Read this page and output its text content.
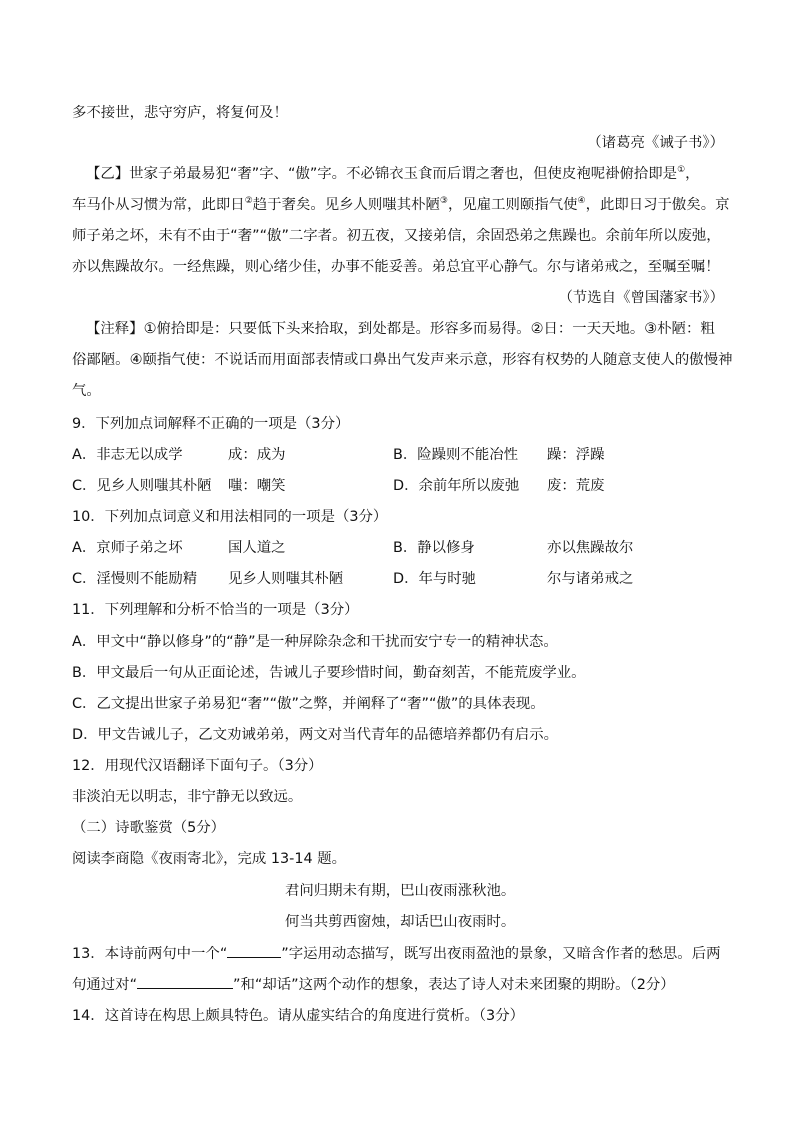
多不接世，悲守穷庐，将复何及！
（诸葛亮《诫子书》）
【乙】世家子弟最易犯“奢”字、“傲”字。不必锦衣玉食而后谓之奢也，但使皮袍呢褂俯拾即是①，
车马仆从习惯为常，此即日②趋于奢矣。见乡人则嗤其朴陋③，见雇工则颐指气使④，此即日习于傲矣。京
师子弟之坏，未有不由于“奢”“傲”二字者。初五夜，又接弟信，余固恐弟之焦躁也。余前年所以废弛，
亦以焦躁故尔。一经焦躁，则心绪少佳，办事不能妥善。弟总宜平心静气。尔与诸弟戒之，至嘱至嘱！
（节选自《曾国藩家书》）
【注释】①俯拾即是：只要低下头来拾取，到处都是。形容多而易得。②日：一天天地。③朴陋：粗
俗鄙陋。④颐指气使：不说话而用面部表情或口鼻出气发声来示意，形容有权势的人随意支使人的傲慢神
气。
9．下列加点词解释不正确的一项是（3分）
A．非志无以成学	成：成为	B．险躁则不能冶性 躁：浮躁
C．见乡人则嗤其朴陋 嗤：嘲笑	D．余前年所以废弛 废：荒废
10．下列加点词意义和用法相同的一项是（3分）
A．京师子弟之坏	国人道之	B．静以修身	亦以焦躁故尔
C．淫慢则不能励精 见乡人则嗤其朴陋	D．年与时驰	尔与诸弟戒之
11．下列理解和分析不恰当的一项是（3分）
A．甲文中“静以修身”的“静”是一种屏除杂念和干扰而安宁专一的精神状态。
B．甲文最后一句从正面论述，告诫儿子要珍惜时间，勤奋刻苦，不能荒废学业。
C．乙文提出世家子弟易犯“奢”“傲”之弊，并阐释了“奢”“傲”的具体表现。
D．甲文告诫儿子，乙文劝诫弟弟，两文对当代青年的品德培养都仍有启示。
12．用现代汉语翻译下面句子。（3分）
非淡泊无以明志，非宁静无以致远。
（二）诗歌鉴赏（5分）
阅读李商隐《夜雨寄北》，完成 13-14 题。
君问归期未有期，巴山夜雨涨秋池。
何当共剪西窗烛，却话巴山夜雨时。
13．本诗前两句中一个“	”字运用动态描写，既写出夜雨盈池的景象，又暗含作者的愁思。后两
句通过对“	”和“却话”这两个动作的想象，表达了诗人对未来团聚的期盼。（2分）
14．这首诗在构思上颇具特色。请从虚实结合的角度进行赏析。（3分）
